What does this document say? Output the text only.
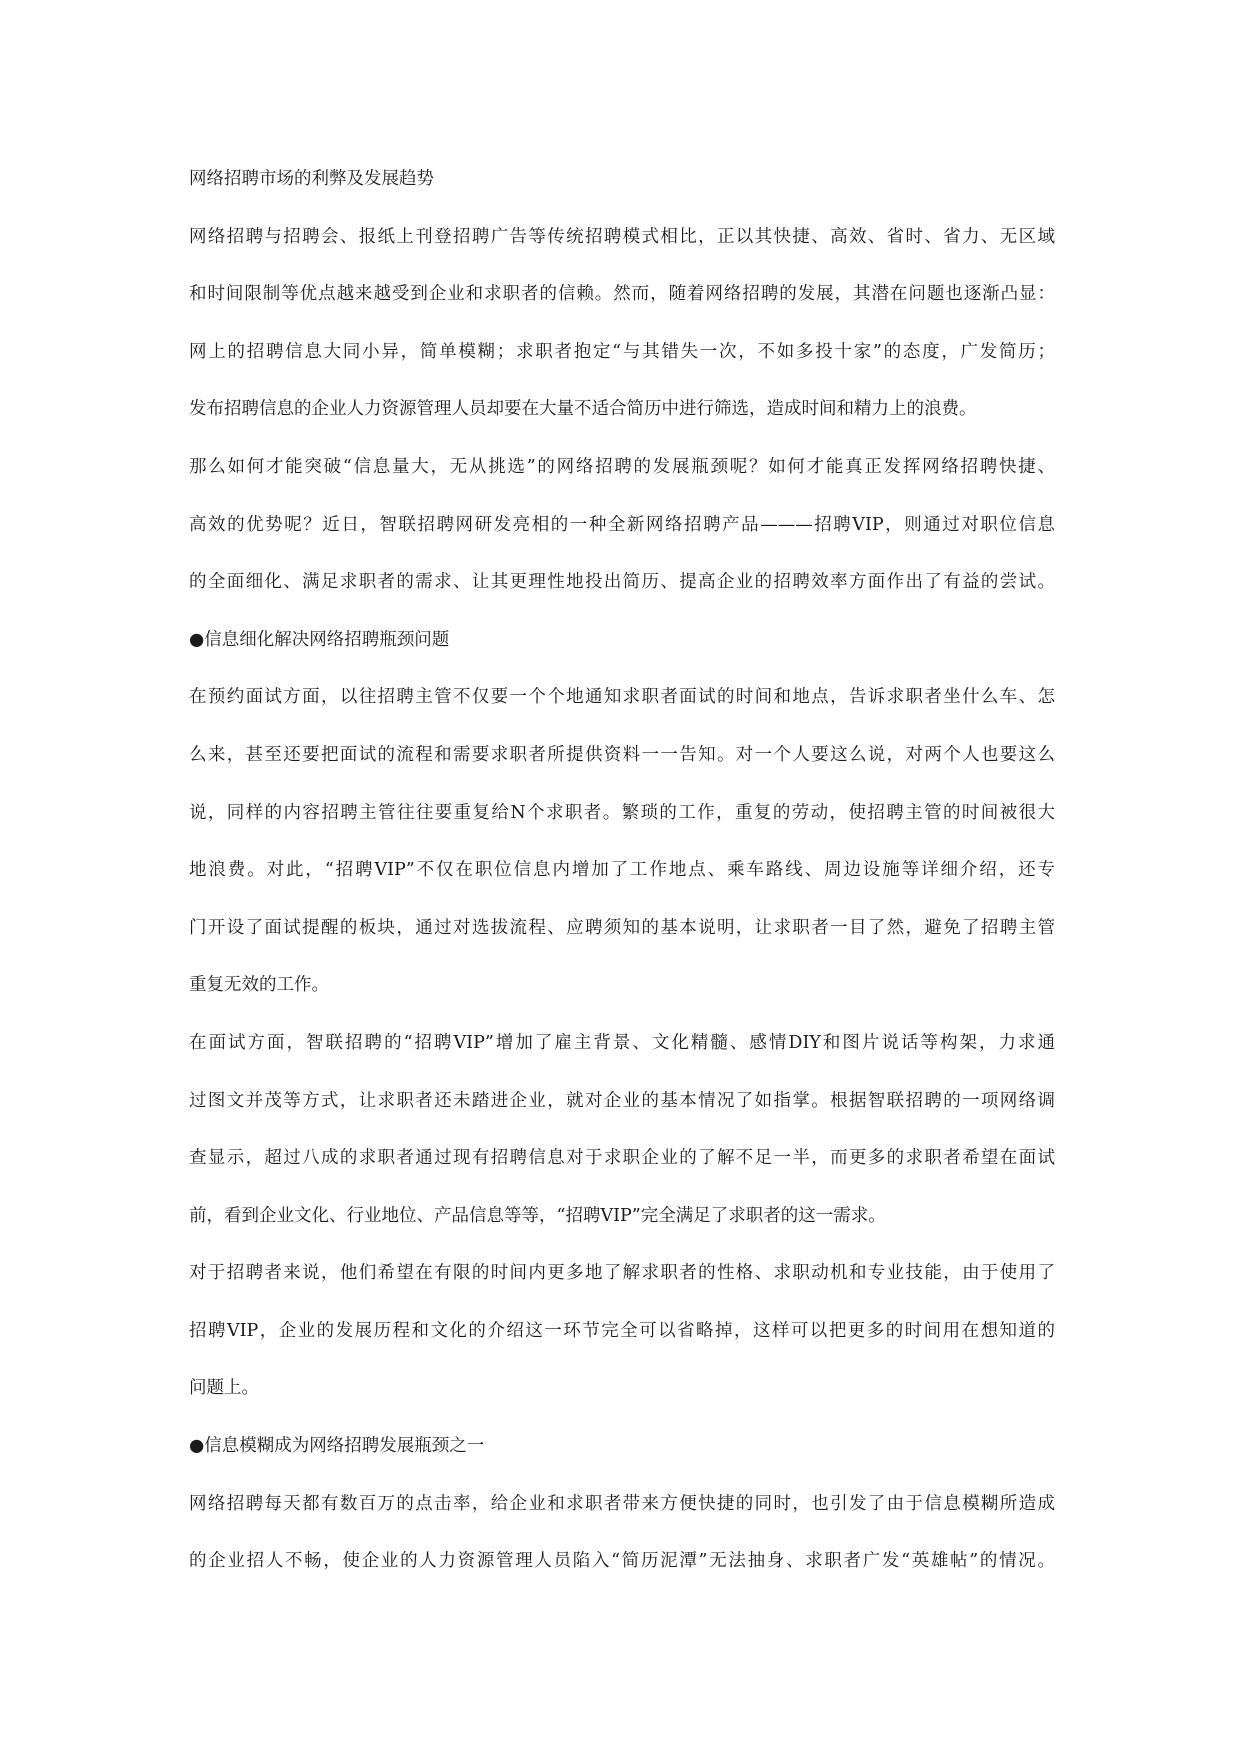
网络招聘市场的利弊及发展趋势
网络招聘与招聘会、报纸上刊登招聘广告等传统招聘模式相比，正以其快捷、高效、省时、省力、无区域
和时间限制等优点越来越受到企业和求职者的信赖。然而，随着网络招聘的发展，其潜在问题也逐渐凸显：
网上的招聘信息大同小异，简单模糊；求职者抱定“与其错失一次，不如多投十家”的态度，广发简历；
发布招聘信息的企业人力资源管理人员却要在大量不适合简历中进行筛选，造成时间和精力上的浪费。
那么如何才能突破“信息量大，无从挑选”的网络招聘的发展瓶颈呢？如何才能真正发挥网络招聘快捷、
高效的优势呢？近日，智联招聘网研发亮相的一种全新网络招聘产品———招聘VIP，则通过对职位信息
的全面细化、满足求职者的需求、让其更理性地投出简历、提高企业的招聘效率方面作出了有益的尝试。
●信息细化解决网络招聘瓶颈问题
在预约面试方面，以往招聘主管不仅要一个个地通知求职者面试的时间和地点，告诉求职者坐什么车、怎
么来，甚至还要把面试的流程和需要求职者所提供资料一一告知。对一个人要这么说，对两个人也要这么
说，同样的内容招聘主管往往要重复给N个求职者。繁琐的工作，重复的劳动，使招聘主管的时间被很大
地浪费。对此，“招聘VIP”不仅在职位信息内增加了工作地点、乘车路线、周边设施等详细介绍，还专
门开设了面试提醒的板块，通过对选拔流程、应聘须知的基本说明，让求职者一目了然，避免了招聘主管
重复无效的工作。
在面试方面，智联招聘的“招聘VIP”增加了雇主背景、文化精髓、感情DIY和图片说话等构架，力求通
过图文并茂等方式，让求职者还未踏进企业，就对企业的基本情况了如指掌。根据智联招聘的一项网络调
查显示，超过八成的求职者通过现有招聘信息对于求职企业的了解不足一半，而更多的求职者希望在面试
前，看到企业文化、行业地位、产品信息等等，“招聘VIP”完全满足了求职者的这一需求。
对于招聘者来说，他们希望在有限的时间内更多地了解求职者的性格、求职动机和专业技能，由于使用了
招聘VIP，企业的发展历程和文化的介绍这一环节完全可以省略掉，这样可以把更多的时间用在想知道的
问题上。
●信息模糊成为网络招聘发展瓶颈之一
网络招聘每天都有数百万的点击率，给企业和求职者带来方便快捷的同时，也引发了由于信息模糊所造成
的企业招人不畅，使企业的人力资源管理人员陷入“简历泥潭”无法抽身、求职者广发“英雄帖”的情况。
